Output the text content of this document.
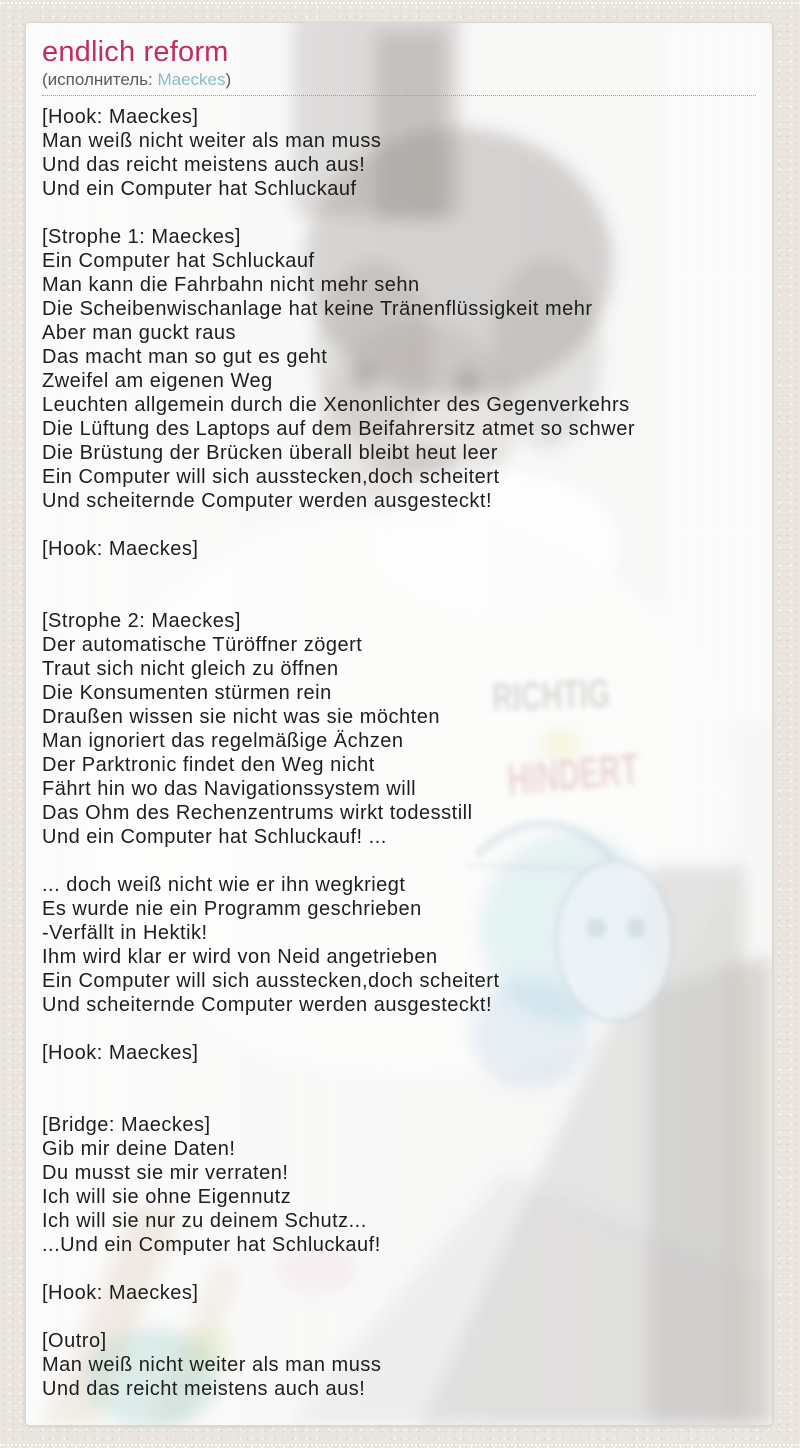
endlich reform
(исполнитель: Maeckes)
[Hook: Maeckes]
Man weiß nicht weiter als man muss
Und das reicht meistens auch aus!
Und ein Computer hat Schluckauf

[Strophe 1: Maeckes]
Ein Computer hat Schluckauf
Man kann die Fahrbahn nicht mehr sehn
Die Scheibenwischanlage hat keine Tränenflüssigkeit mehr
Aber man guckt raus
Das macht man so gut es geht
Zweifel am eigenen Weg
Leuchten allgemein durch die Xenonlichter des Gegenverkehrs
Die Lüftung des Laptops auf dem Beifahrersitz atmet so schwer
Die Brüstung der Brücken überall bleibt heut leer
Ein Computer will sich ausstecken,doch scheitert
Und scheiternde Computer werden ausgesteckt!

[Hook: Maeckes]

[Strophe 2: Maeckes]
Der automatische Türöffner zögert
Traut sich nicht gleich zu öffnen
Die Konsumenten stürmen rein
Draußen wissen sie nicht was sie möchten
Man ignoriert das regelmäßige Ächzen
Der Parktronic findet den Weg nicht
Fährt hin wo das Navigationssystem will
Das Ohm des Rechenzentrums wirkt todesstill
Und ein Computer hat Schluckauf! ...

... doch weiß nicht wie er ihn wegkriegt
Es wurde nie ein Programm geschrieben
-Verfällt in Hektik!
Ihm wird klar er wird von Neid angetrieben
Ein Computer will sich ausstecken,doch scheitert
Und scheiternde Computer werden ausgesteckt!

[Hook: Maeckes]

[Bridge: Maeckes]
Gib mir deine Daten!
Du musst sie mir verraten!
Ich will sie ohne Eigennutz
Ich will sie nur zu deinem Schutz...
...Und ein Computer hat Schluckauf!

[Hook: Maeckes]

[Outro]
Man weiß nicht weiter als man muss
Und das reicht meistens auch aus!
